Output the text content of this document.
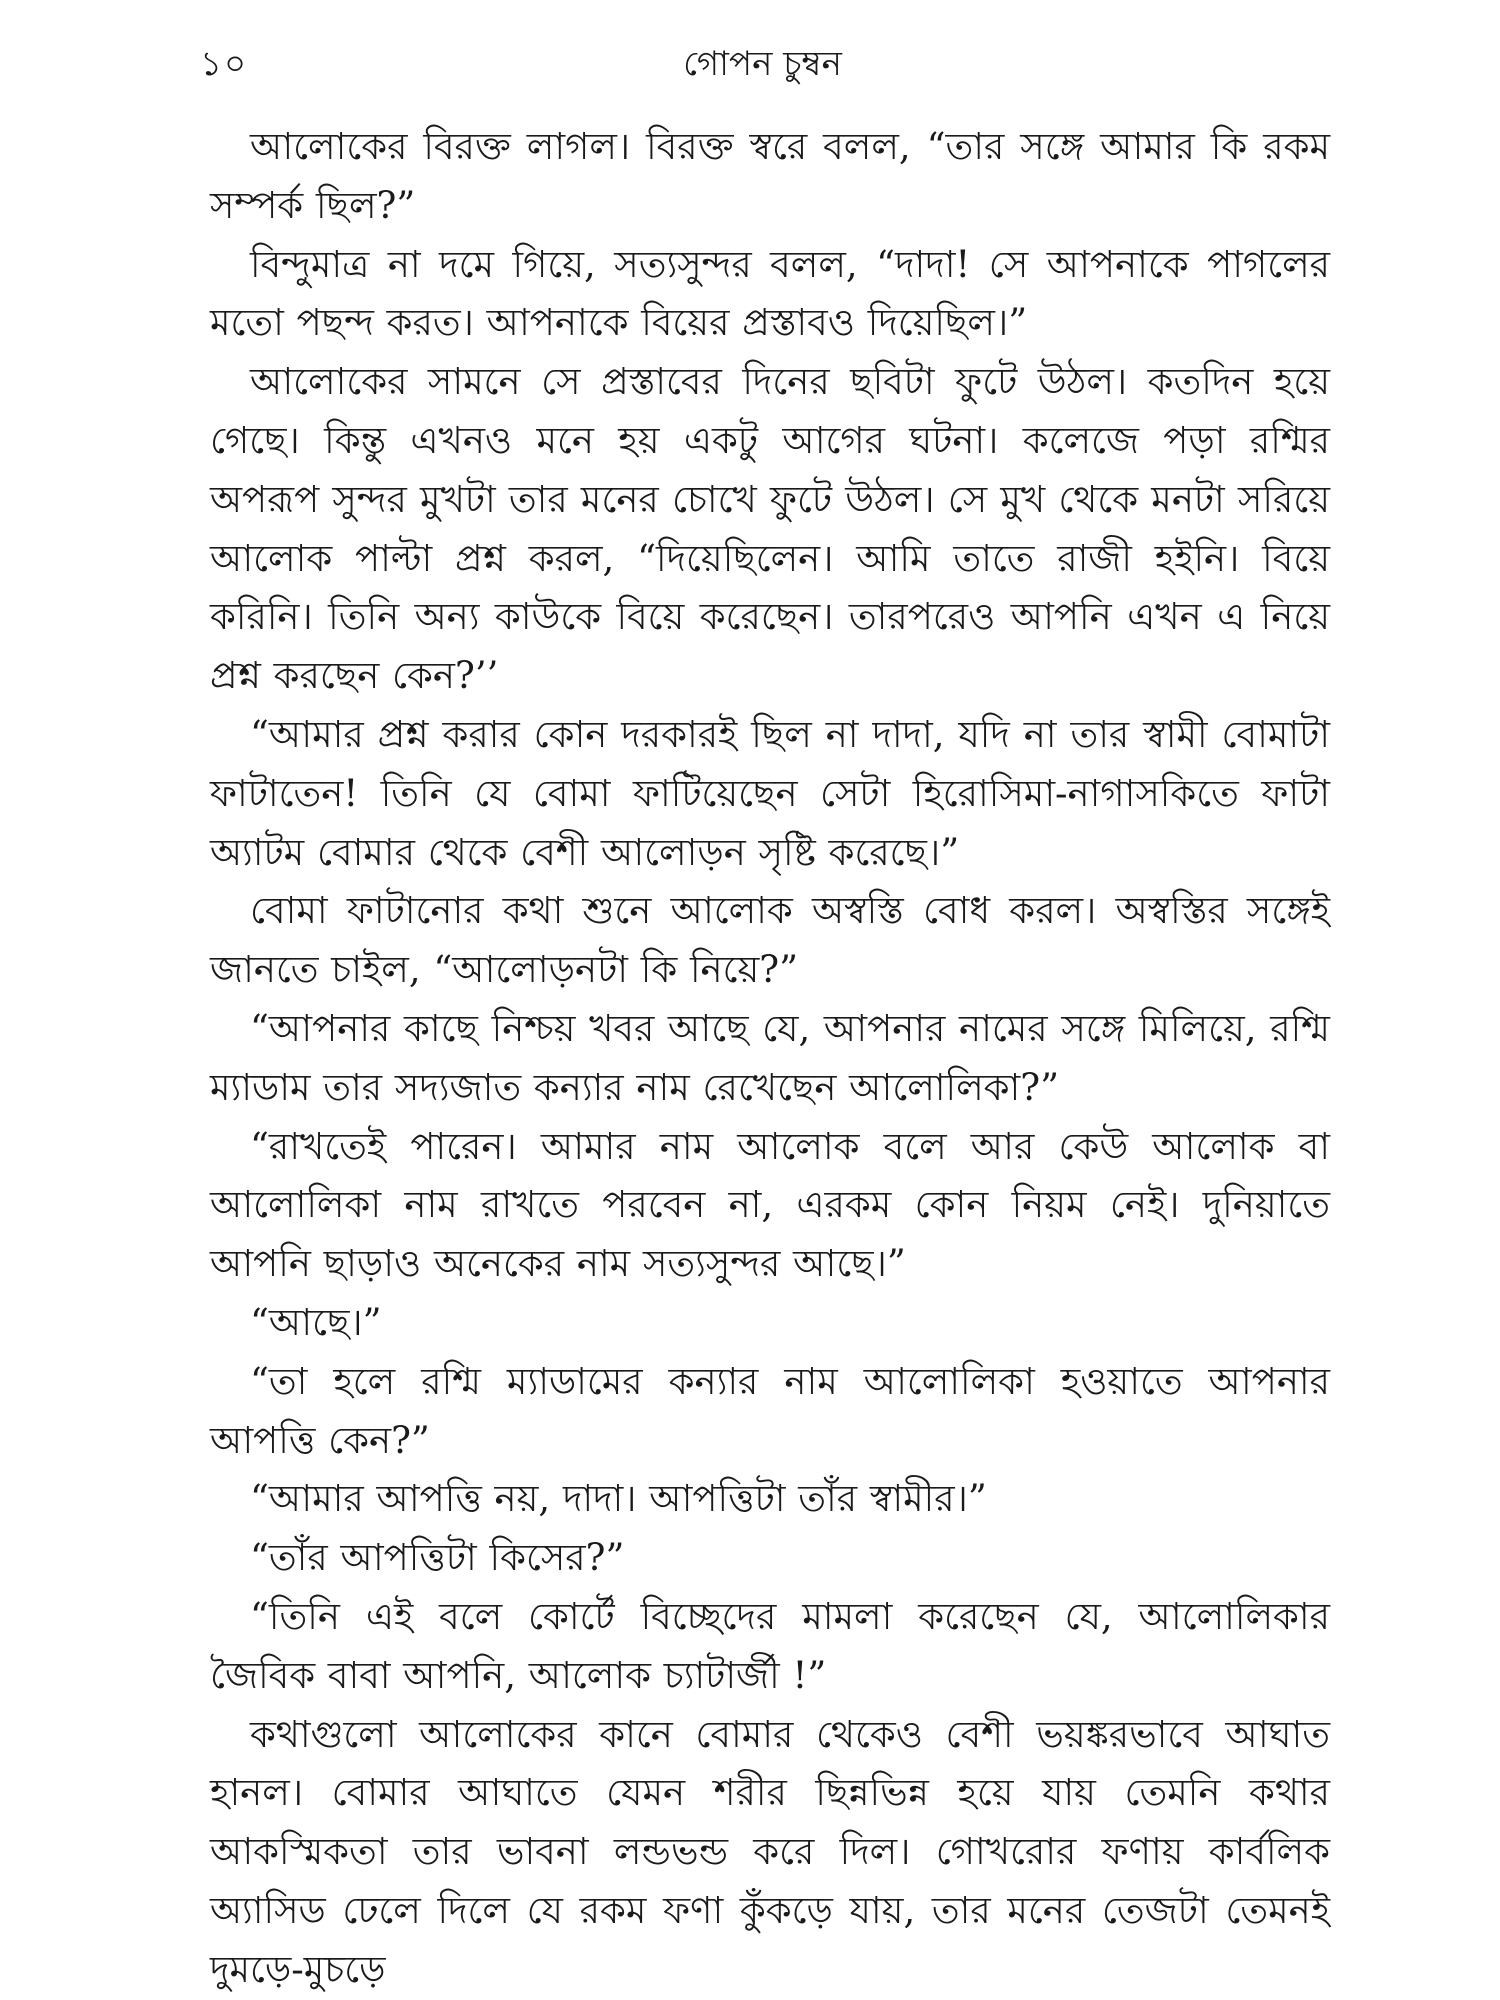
১০	গোপন চুম্বন

আলোকের বিরক্ত লাগল। বিরক্ত স্বরে বলল, “তার সঙ্গে আমার কি রকম সম্পর্ক ছিল?”

বিন্দুমাত্র না দমে গিয়ে, সত্যসুন্দর বলল, “দাদা! সে আপনাকে পাগলের মতো পছন্দ করত। আপনাকে বিয়ের প্রস্তাবও দিয়েছিল।”

আলোকের সামনে সে প্রস্তাবের দিনের ছবিটা ফুটে উঠল। কতদিন হয়ে গেছে। কিন্তু এখনও মনে হয় একটু আগের ঘটনা। কলেজে পড়া রশ্মির অপরূপ সুন্দর মুখটা তার মনের চোখে ফুটে উঠল। সে মুখ থেকে মনটা সরিয়ে আলোক পাল্টা প্রশ্ন করল, “দিয়েছিলেন। আমি তাতে রাজী হইনি। বিয়ে করিনি। তিনি অন্য কাউকে বিয়ে করেছেন। তারপরেও আপনি এখন এ নিয়ে প্রশ্ন করছেন কেন?’’

“আমার প্রশ্ন করার কোন দরকারই ছিল না দাদা, যদি না তার স্বামী বোমাটা ফাটাতেন! তিনি যে বোমা ফাটিয়েছেন সেটা হিরোসিমা-নাগাসকিতে ফাটা অ্যাটম বোমার থেকে বেশী আলোড়ন সৃষ্টি করেছে।”

বোমা ফাটানোর কথা শুনে আলোক অস্বস্তি বোধ করল। অস্বস্তির সঙ্গেই জানতে চাইল, “আলোড়নটা কি নিয়ে?”

“আপনার কাছে নিশ্চয় খবর আছে যে, আপনার নামের সঙ্গে মিলিয়ে, রশ্মি ম্যাডাম তার সদ্যজাত কন্যার নাম রেখেছেন আলোলিকা?”

“রাখতেই পারেন। আমার নাম আলোক বলে আর কেউ আলোক বা আলোলিকা নাম রাখতে পরবেন না, এরকম কোন নিয়ম নেই। দুনিয়াতে আপনি ছাড়াও অনেকের নাম সত্যসুন্দর আছে।”

“আছে।”

“তা হলে রশ্মি ম্যাডামের কন্যার নাম আলোলিকা হওয়াতে আপনার আপত্তি কেন?”

“আমার আপত্তি নয়, দাদা। আপত্তিটা তাঁর স্বামীর।”

“তাঁর আপত্তিটা কিসের?”

“তিনি এই বলে কোর্টে বিচ্ছেদের মামলা করেছেন যে, আলোলিকার জৈবিক বাবা আপনি, আলোক চ্যাটার্জী !”

কথাগুলো আলোকের কানে বোমার থেকেও বেশী ভয়ঙ্করভাবে আঘাত হানল। বোমার আঘাতে যেমন শরীর ছিন্নভিন্ন হয়ে যায় তেমনি কথার আকস্মিকতা তার ভাবনা লন্ডভন্ড করে দিল। গোখরোর ফণায় কার্বলিক অ্যাসিড ঢেলে দিলে যে রকম ফণা কুঁকড়ে যায়, তার মনের তেজটা তেমনই দুমড়ে-মুচড়ে
